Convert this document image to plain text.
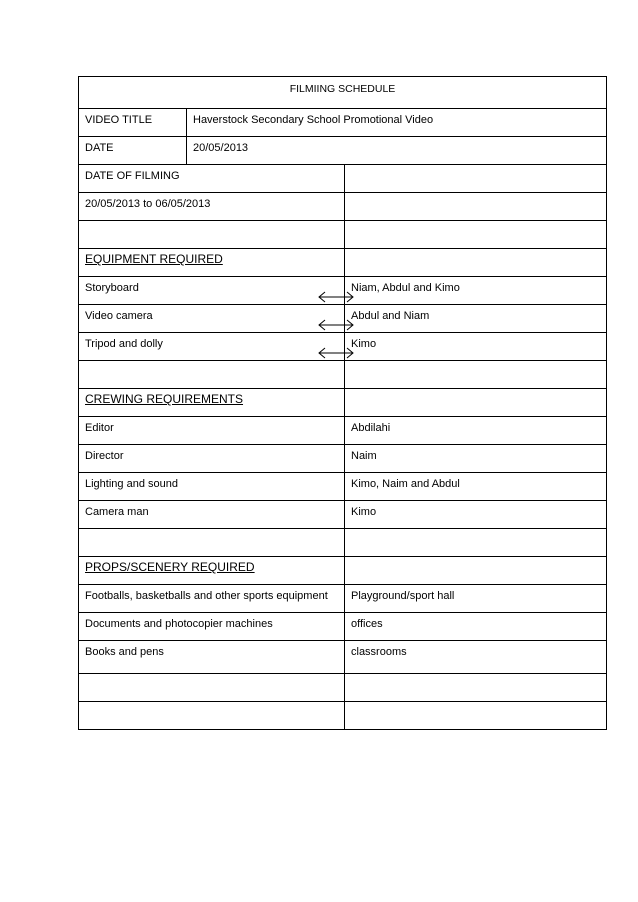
FILMIING SCHEDULE
VIDEO TITLE	Haverstock Secondary School Promotional Video
DATE	20/05/2013
DATE OF FILMING
20/05/2013 to 06/05/2013
EQUIPMENT REQUIRED
Storyboard	Niam, Abdul and Kimo
Video camera	Abdul and Niam
Tripod and dolly	Kimo
CREWING REQUIREMENTS
Editor	Abdilahi
Director	Naim
Lighting and sound	Kimo, Naim and Abdul
Camera man	Kimo
PROPS/SCENERY REQUIRED
Footballs, basketballs and other sports equipment	Playground/sport hall
Documents and photocopier machines	offices
Books and pens	classrooms
